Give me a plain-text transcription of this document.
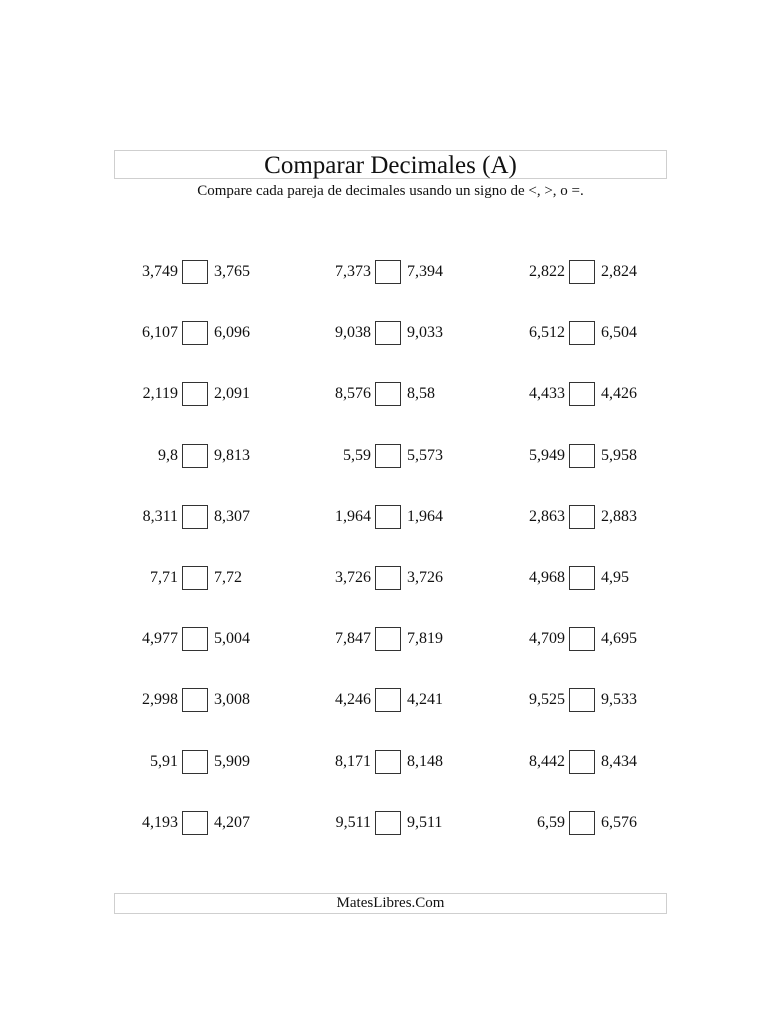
Comparar Decimales (A)
Compare cada pareja de decimales usando un signo de <, >, o =.
3,749 3,765	7,373 7,394	2,822 2,824
6,107 6,096	9,038 9,033	6,512 6,504
2,119 2,091	8,576 8,58	4,433 4,426
9,8 9,813	5,59 5,573	5,949 5,958
8,311 8,307	1,964 1,964	2,863 2,883
7,71 7,72	3,726 3,726	4,968 4,95
4,977 5,004	7,847 7,819	4,709 4,695
2,998 3,008	4,246 4,241	9,525 9,533
5,91 5,909	8,171 8,148	8,442 8,434
4,193 4,207	9,511 9,511	6,59 6,576
MatesLibres.Com
